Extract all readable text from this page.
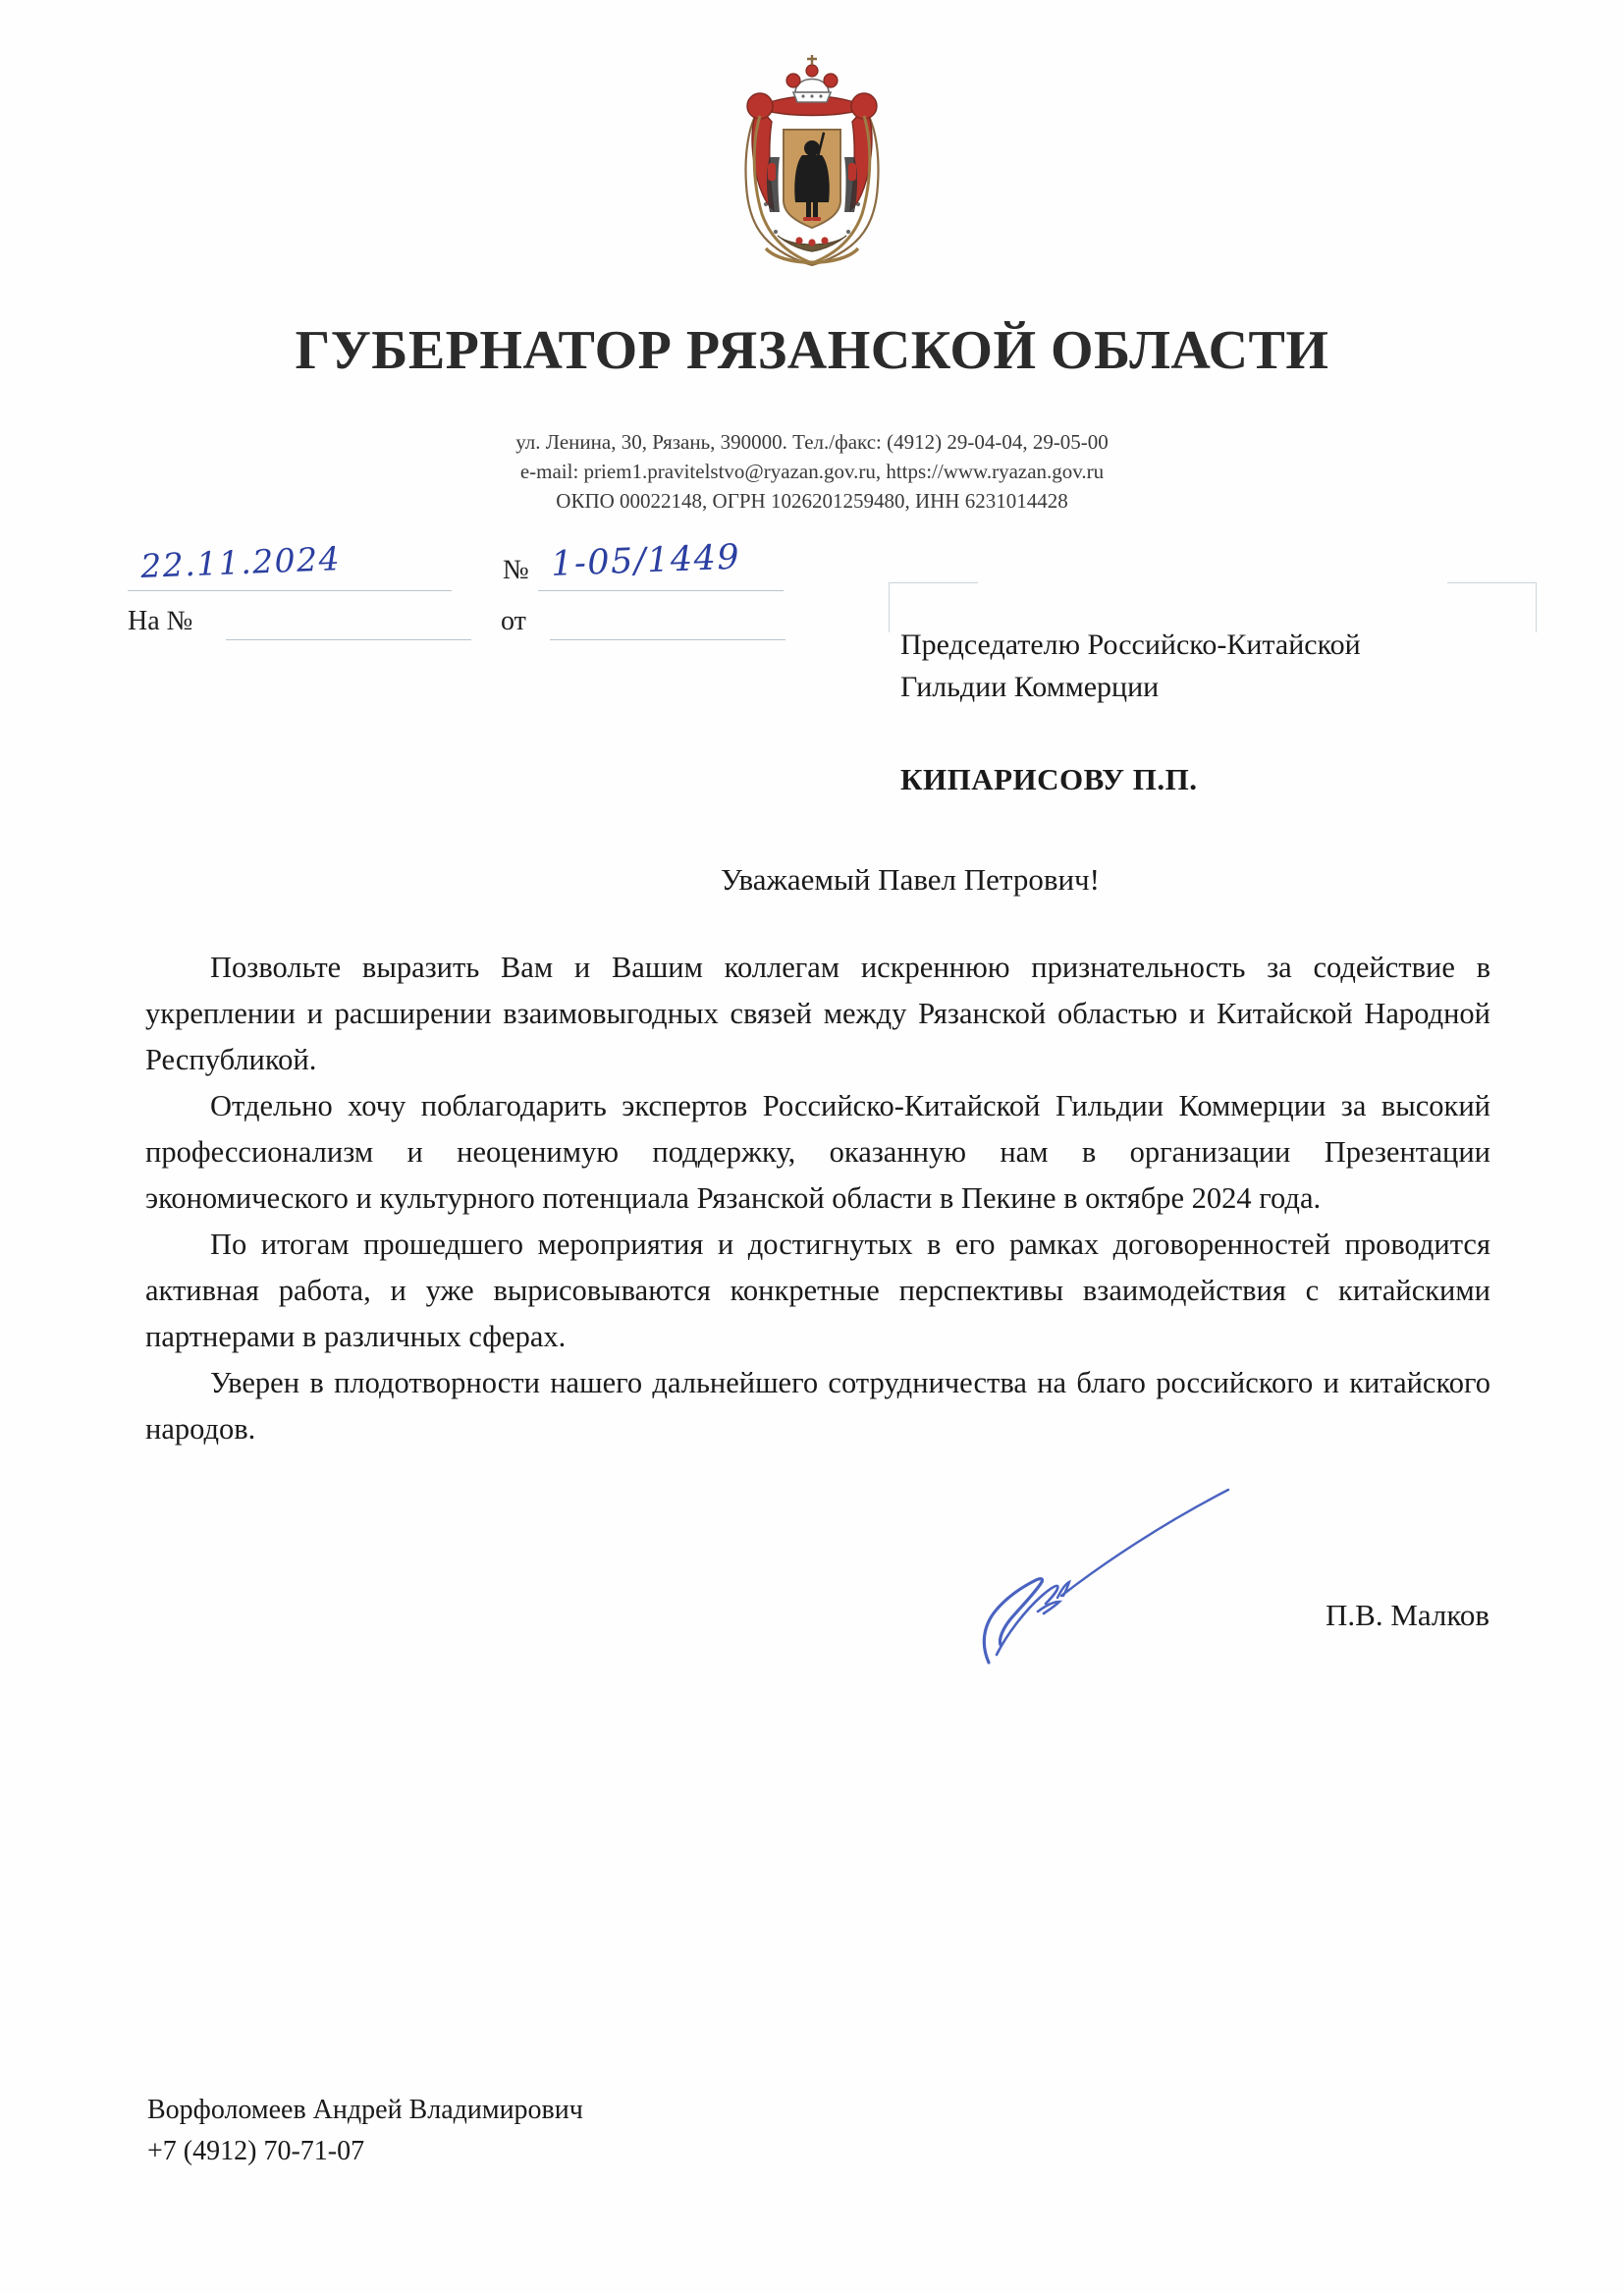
ГУБЕРНАТОР РЯЗАНСКОЙ ОБЛАСТИ
ул. Ленина, 30, Рязань, 390000. Тел./факс: (4912) 29-04-04, 29-05-00
e-mail: priem1.pravitelstvo@ryazan.gov.ru, https://www.ryazan.gov.ru
ОКПО 00022148, ОГРН 1026201259480, ИНН 6231014428
22.11.2024	№ 1-05/1449
На №	от
Председателю Российско-Китайской
Гильдии Коммерции
КИПАРИСОВУ П.П.
Уважаемый Павел Петрович!

Позвольте выразить Вам и Вашим коллегам искреннюю признательность за содействие в укреплении и расширении взаимовыгодных связей между Рязанской областью и Китайской Народной Республикой.

Отдельно хочу поблагодарить экспертов Российско-Китайской Гильдии Коммерции за высокий профессионализм и неоценимую поддержку, оказанную нам в организации Презентации экономического и культурного потенциала Рязанской области в Пекине в октябре 2024 года.

По итогам прошедшего мероприятия и достигнутых в его рамках договоренностей проводится активная работа, и уже вырисовываются конкретные перспективы взаимодействия с китайскими партнерами в различных сферах.

Уверен в плодотворности нашего дальнейшего сотрудничества на благо российского и китайского народов.

П.В. Малков
Ворфоломеев Андрей Владимирович
+7 (4912) 70-71-07
